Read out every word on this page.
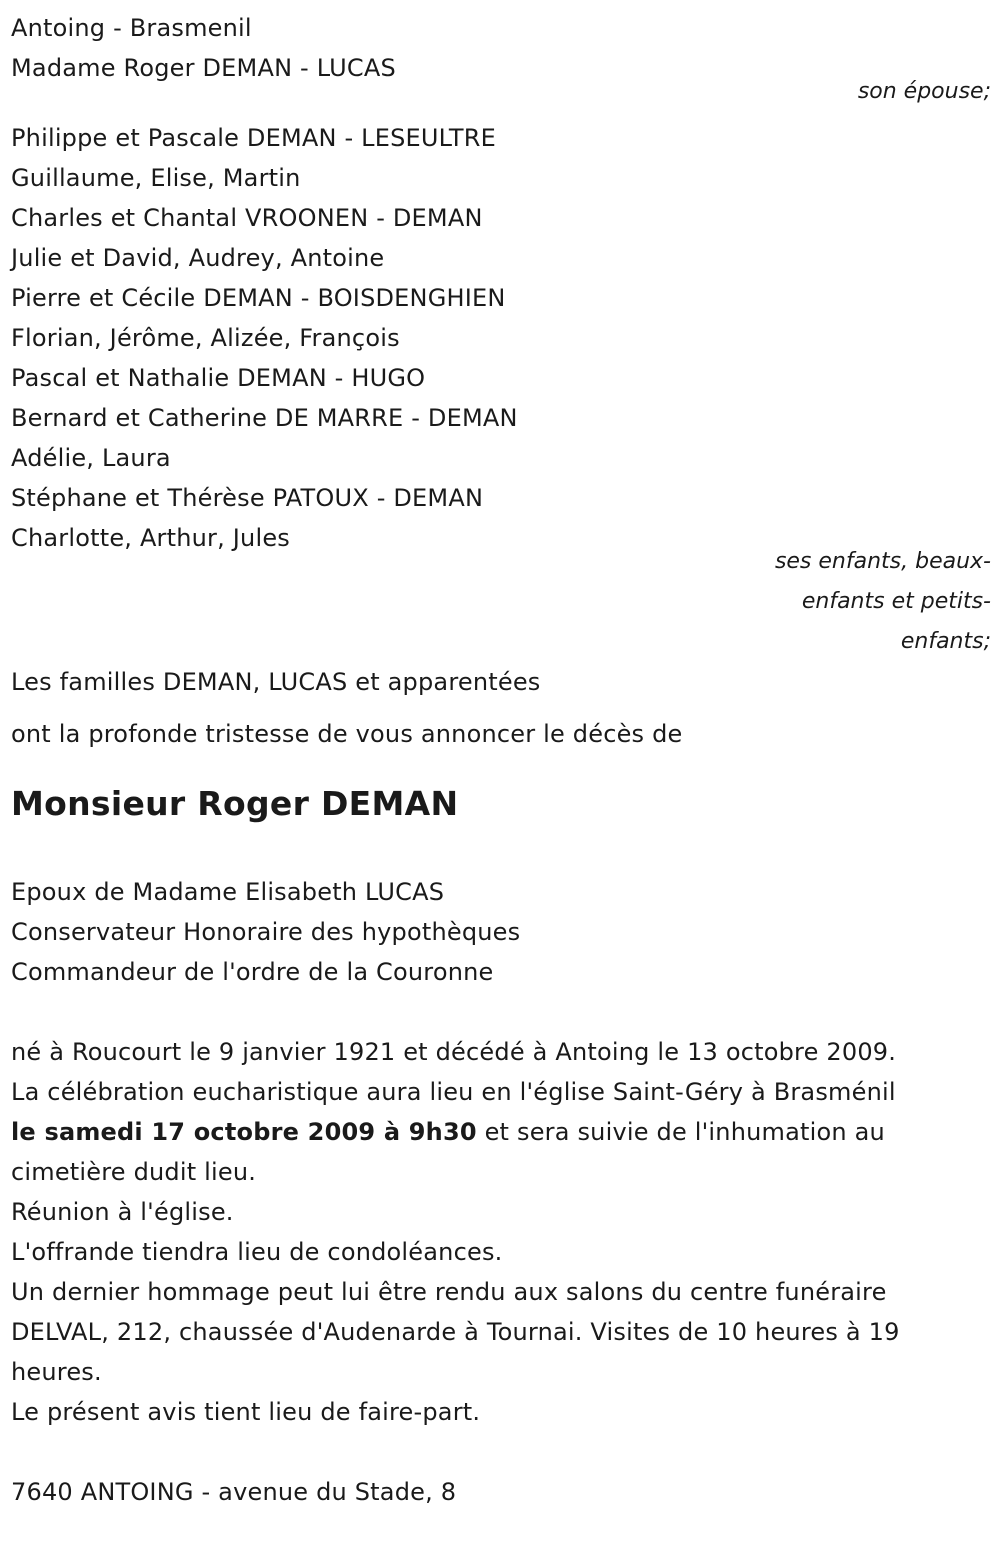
Antoing - Brasmenil
Madame Roger DEMAN - LUCAS
son épouse;
Philippe et Pascale DEMAN - LESEULTRE
Guillaume, Elise, Martin
Charles et Chantal VROONEN - DEMAN
Julie et David, Audrey, Antoine
Pierre et Cécile DEMAN - BOISDENGHIEN
Florian, Jérôme, Alizée, François
Pascal et Nathalie DEMAN - HUGO
Bernard et Catherine DE MARRE - DEMAN
Adélie, Laura
Stéphane et Thérèse PATOUX - DEMAN
Charlotte, Arthur, Jules
ses enfants, beaux-
enfants et petits-
enfants;
Les familles DEMAN, LUCAS et apparentées
ont la profonde tristesse de vous annoncer le décès de
Monsieur Roger DEMAN
Epoux de Madame Elisabeth LUCAS
Conservateur Honoraire des hypothèques
Commandeur de l'ordre de la Couronne
né à Roucourt le 9 janvier 1921 et décédé à Antoing le 13 octobre 2009.
La célébration eucharistique aura lieu en l'église Saint-Géry à Brasménil
le samedi 17 octobre 2009 à 9h30 et sera suivie de l'inhumation au cimetière dudit lieu.
Réunion à l'église.
L'offrande tiendra lieu de condoléances.
Un dernier hommage peut lui être rendu aux salons du centre funéraire DELVAL, 212, chaussée d'Audenarde à Tournai. Visites de 10 heures à 19 heures.
Le présent avis tient lieu de faire-part.
7640 ANTOING - avenue du Stade, 8
